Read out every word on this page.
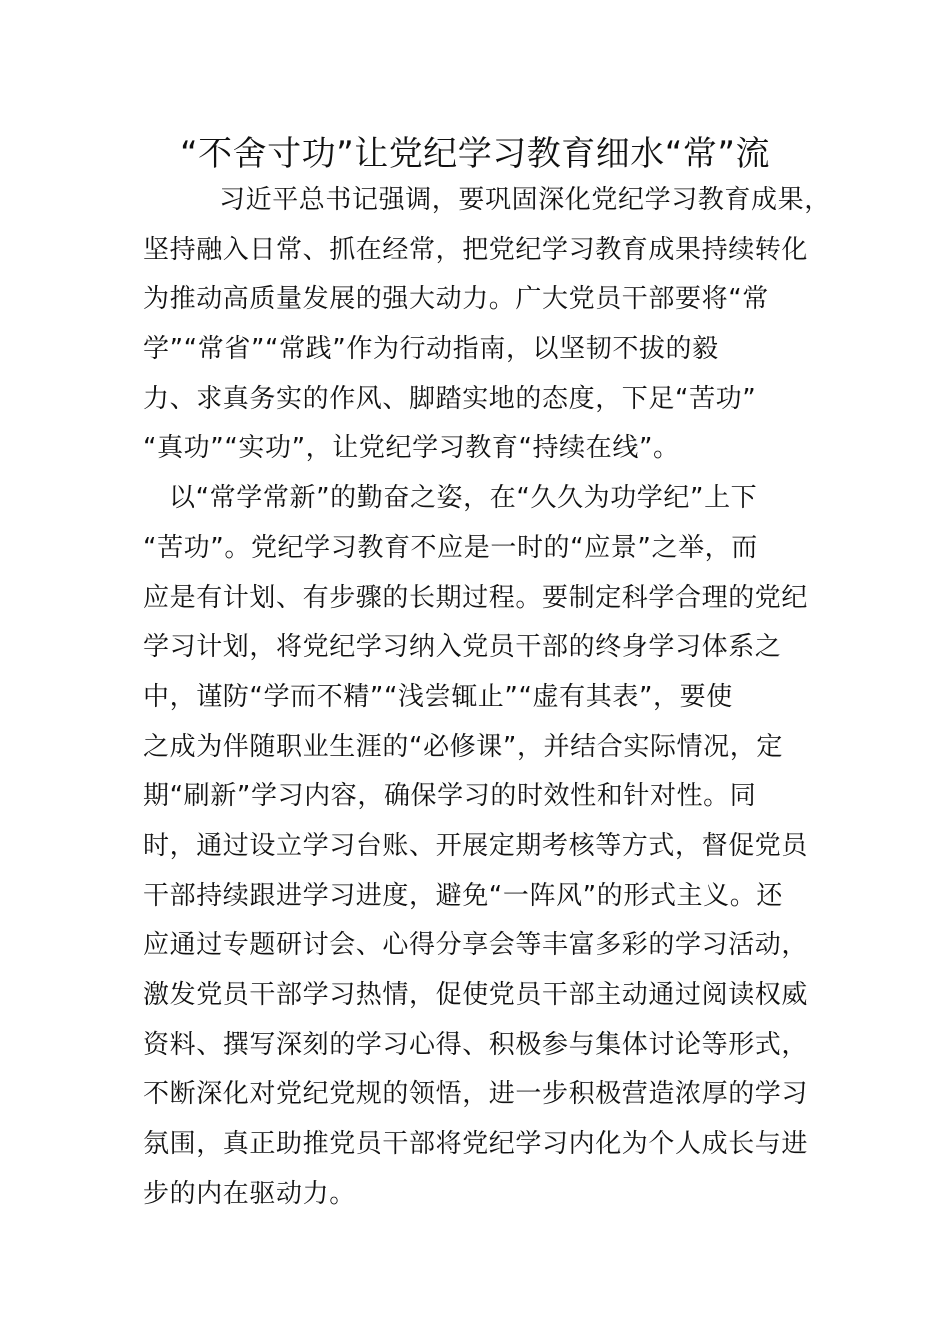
“不舍寸功”让党纪学习教育细水“常”流
习近平总书记强调，要巩固深化党纪学习教育成果，
坚持融入日常、抓在经常，把党纪学习教育成果持续转化
为推动高质量发展的强大动力。广大党员干部要将“常
学”“常省”“常践”作为行动指南，以坚韧不拔的毅
力、求真务实的作风、脚踏实地的态度，下足“苦功”
“真功”“实功”，让党纪学习教育“持续在线”。
以“常学常新”的勤奋之姿，在“久久为功学纪”上下
“苦功”。党纪学习教育不应是一时的“应景”之举，而
应是有计划、有步骤的长期过程。要制定科学合理的党纪
学习计划，将党纪学习纳入党员干部的终身学习体系之
中，谨防“学而不精”“浅尝辄止”“虚有其表”，要使
之成为伴随职业生涯的“必修课”，并结合实际情况，定
期“刷新”学习内容，确保学习的时效性和针对性。同
时，通过设立学习台账、开展定期考核等方式，督促党员
干部持续跟进学习进度，避免“一阵风”的形式主义。还
应通过专题研讨会、心得分享会等丰富多彩的学习活动，
激发党员干部学习热情，促使党员干部主动通过阅读权威
资料、撰写深刻的学习心得、积极参与集体讨论等形式，
不断深化对党纪党规的领悟，进一步积极营造浓厚的学习
氛围，真正助推党员干部将党纪学习内化为个人成长与进
步的内在驱动力。
